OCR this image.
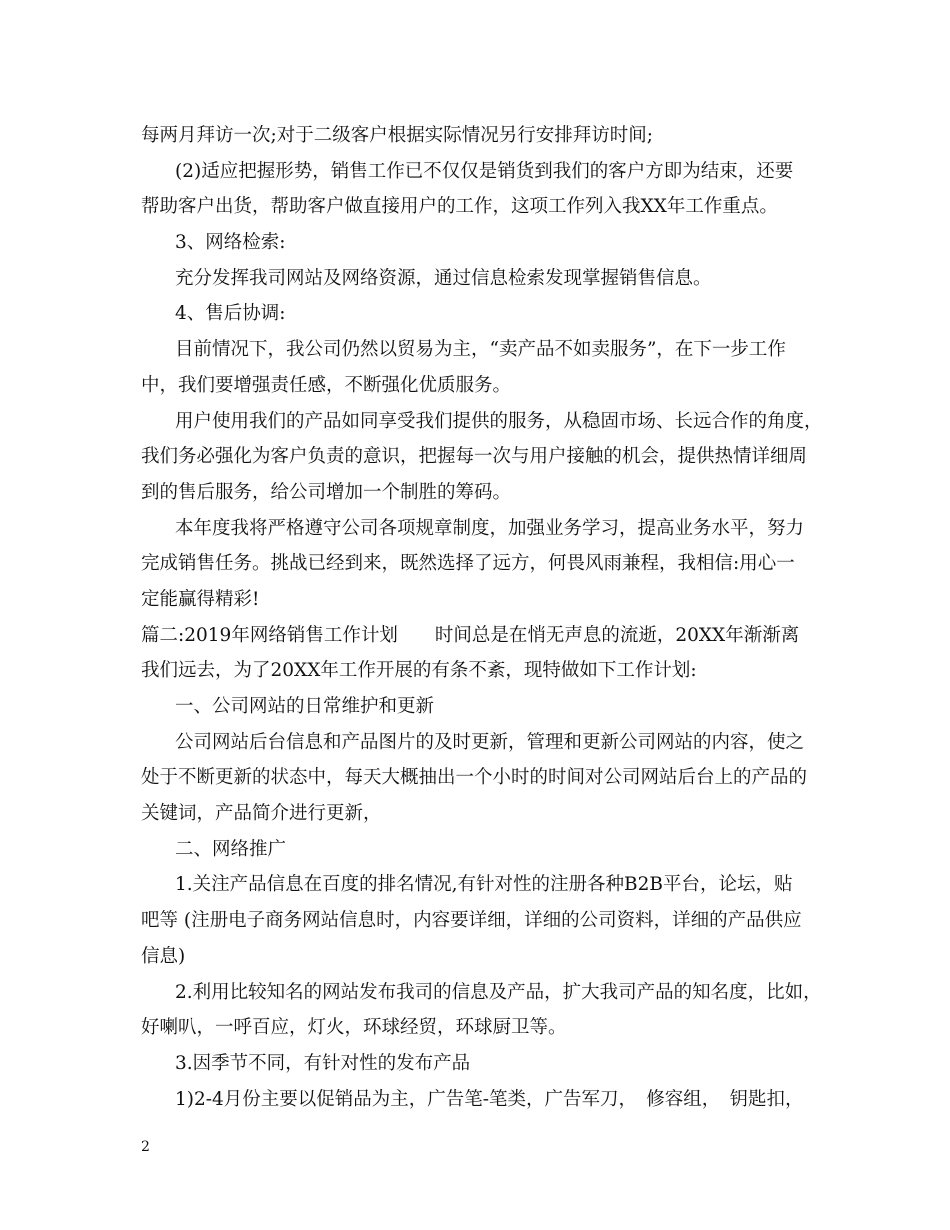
每两月拜访一次;对于二级客户根据实际情况另行安排拜访时间;
(2)适应把握形势，销售工作已不仅仅是销货到我们的客户方即为结束，还要
帮助客户出货，帮助客户做直接用户的工作，这项工作列入我XX年工作重点。
3、网络检索:
充分发挥我司网站及网络资源，通过信息检索发现掌握销售信息。
4、售后协调:
目前情况下，我公司仍然以贸易为主，“卖产品不如卖服务”，在下一步工作
中，我们要增强责任感，不断强化优质服务。
用户使用我们的产品如同享受我们提供的服务，从稳固市场、长远合作的角度，
我们务必强化为客户负责的意识，把握每一次与用户接触的机会，提供热情详细周
到的售后服务，给公司增加一个制胜的筹码。
本年度我将严格遵守公司各项规章制度，加强业务学习，提高业务水平，努力
完成销售任务。挑战已经到来，既然选择了远方，何畏风雨兼程，我相信:用心一
定能赢得精彩!
篇二:2019年网络销售工作计划　　时间总是在悄无声息的流逝，20XX年渐渐离
我们远去，为了20XX年工作开展的有条不紊，现特做如下工作计划:
一、公司网站的日常维护和更新
公司网站后台信息和产品图片的及时更新，管理和更新公司网站的内容，使之
处于不断更新的状态中，每天大概抽出一个小时的时间对公司网站后台上的产品的
关键词，产品简介进行更新，
二、网络推广
1.关注产品信息在百度的排名情况,有针对性的注册各种B2B平台，论坛，贴
吧等 (注册电子商务网站信息时，内容要详细，详细的公司资料，详细的产品供应
信息)
2.利用比较知名的网站发布我司的信息及产品，扩大我司产品的知名度，比如，
好喇叭，一呼百应，灯火，环球经贸，环球厨卫等。
3.因季节不同，有针对性的发布产品
1)2-4月份主要以促销品为主，广告笔-笔类，广告军刀，　修容组，　钥匙扣，
2
